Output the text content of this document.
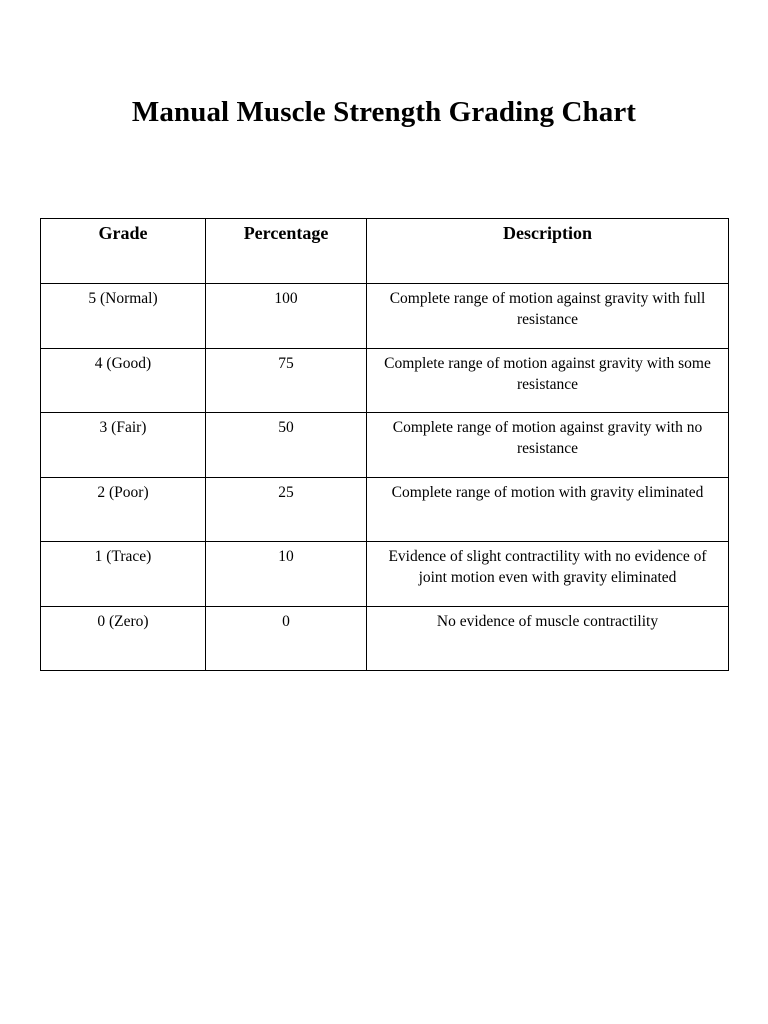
Manual Muscle Strength Grading Chart
Grade	Percentage	Description
5 (Normal)	100	Complete range of motion against gravity with full resistance
4 (Good)	75	Complete range of motion against gravity with some resistance
3 (Fair)	50	Complete range of motion against gravity with no resistance
2 (Poor)	25	Complete range of motion with gravity eliminated
1 (Trace)	10	Evidence of slight contractility with no evidence of joint motion even with gravity eliminated
0 (Zero)	0	No evidence of muscle contractility
